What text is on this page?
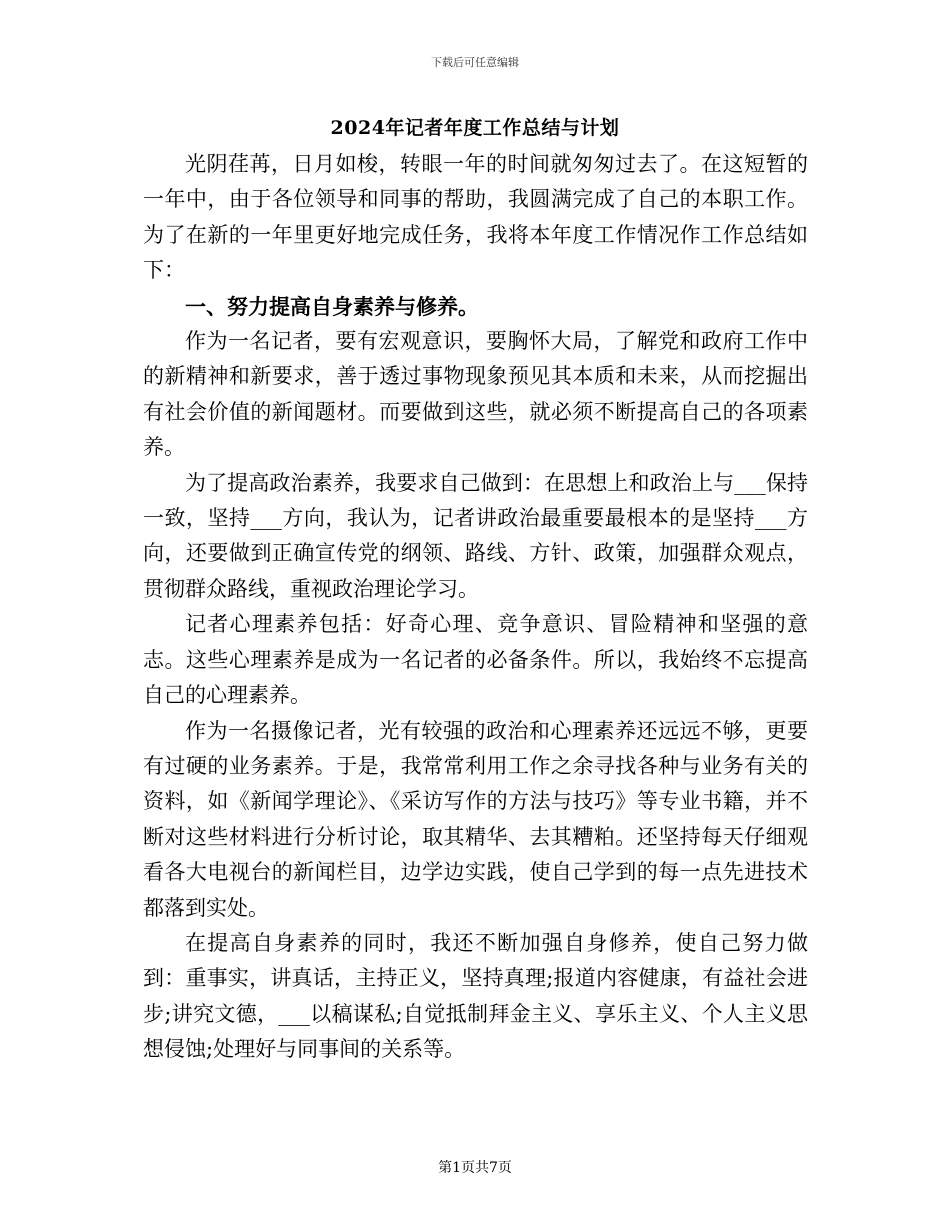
下载后可任意编辑
2024年记者年度工作总结与计划

光阴荏苒，日月如梭，转眼一年的时间就匆匆过去了。在这短暂的一年中，由于各位领导和同事的帮助，我圆满完成了自己的本职工作。为了在新的一年里更好地完成任务，我将本年度工作情况作工作总结如下：

一、努力提高自身素养与修养。

作为一名记者，要有宏观意识，要胸怀大局，了解党和政府工作中的新精神和新要求，善于透过事物现象预见其本质和未来，从而挖掘出有社会价值的新闻题材。而要做到这些，就必须不断提高自己的各项素养。

为了提高政治素养，我要求自己做到：在思想上和政治上与___保持一致，坚持___方向，我认为，记者讲政治最重要最根本的是坚持___方向，还要做到正确宣传党的纲领、路线、方针、政策，加强群众观点，贯彻群众路线，重视政治理论学习。

记者心理素养包括：好奇心理、竞争意识、冒险精神和坚强的意志。这些心理素养是成为一名记者的必备条件。所以，我始终不忘提高自己的心理素养。

作为一名摄像记者，光有较强的政治和心理素养还远远不够，更要有过硬的业务素养。于是，我常常利用工作之余寻找各种与业务有关的资料，如《新闻学理论》、《采访写作的方法与技巧》等专业书籍，并不断对这些材料进行分析讨论，取其精华、去其糟粕。还坚持每天仔细观看各大电视台的新闻栏目，边学边实践，使自己学到的每一点先进技术都落到实处。

在提高自身素养的同时，我还不断加强自身修养，使自己努力做到：重事实，讲真话，主持正义，坚持真理;报道内容健康，有益社会进步;讲究文德，___以稿谋私;自觉抵制拜金主义、享乐主义、个人主义思想侵蚀;处理好与同事间的关系等。

第1页共7页
